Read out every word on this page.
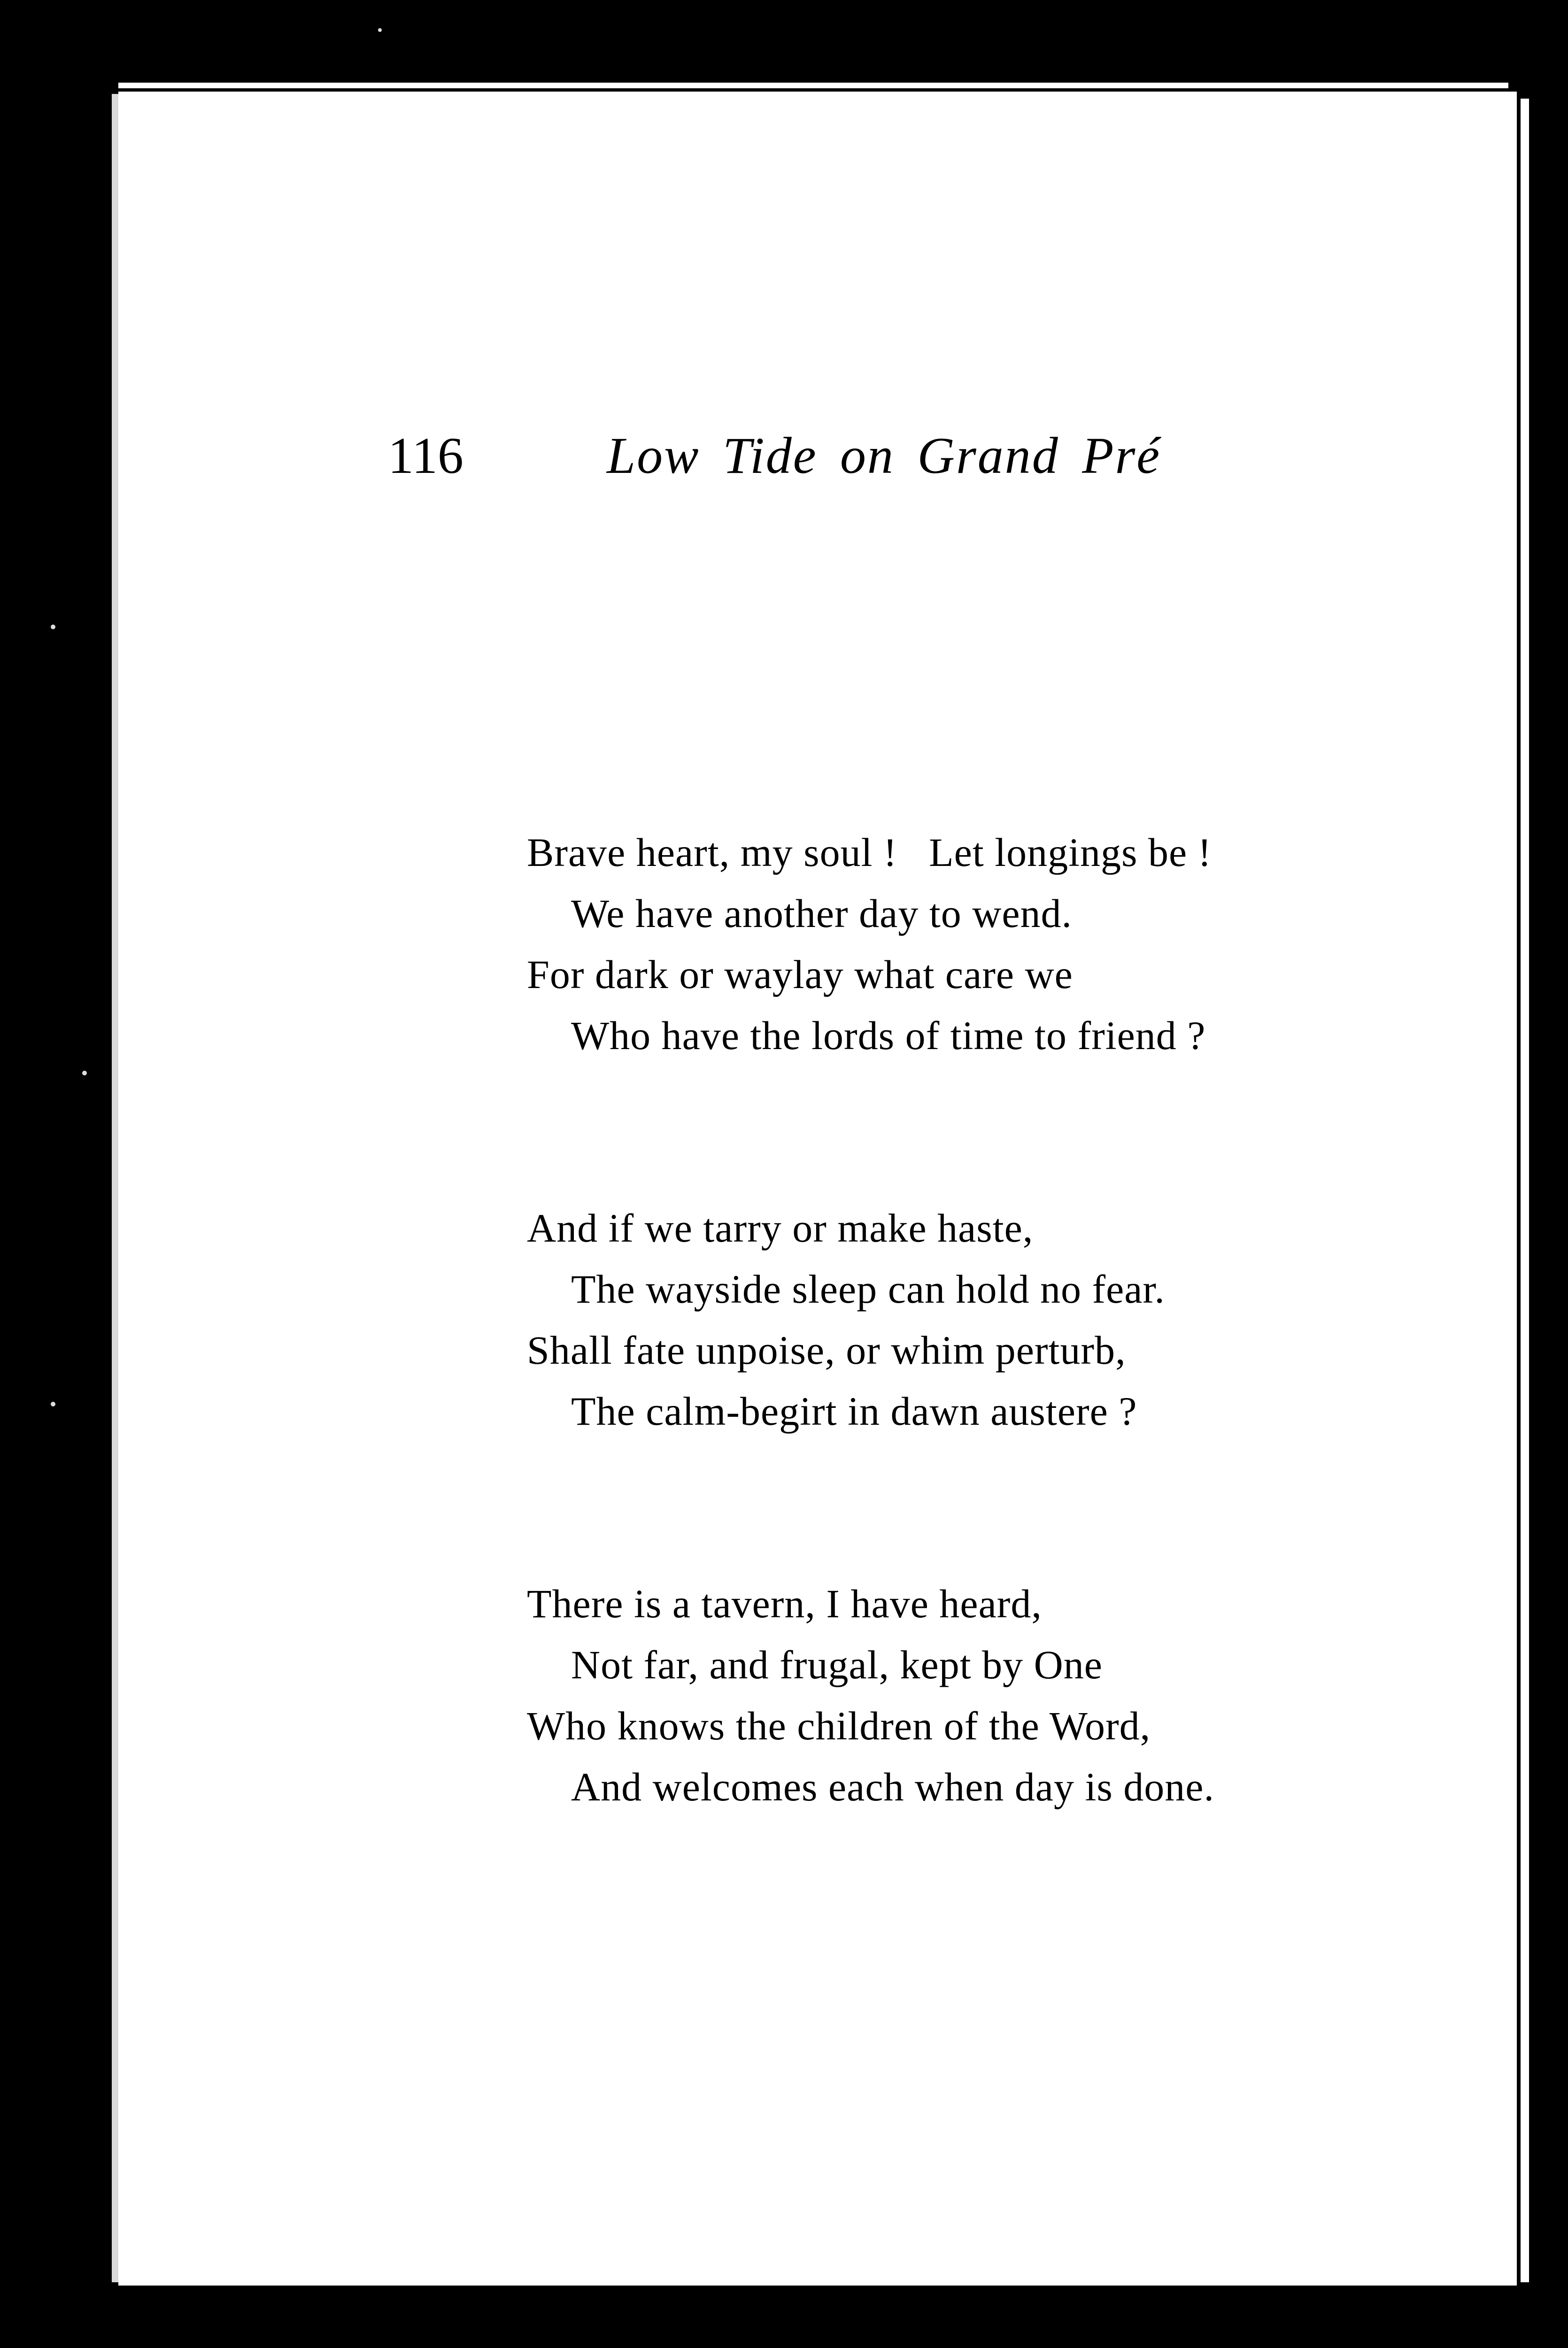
116	Low Tide on Grand Pré
Brave heart, my soul !   Let longings be !
We have another day to wend.
For dark or waylay what care we
Who have the lords of time to friend ?
And if we tarry or make haste,
The wayside sleep can hold no fear.
Shall fate unpoise, or whim perturb,
The calm-begirt in dawn austere ?
There is a tavern, I have heard,
Not far, and frugal, kept by One
Who knows the children of the Word,
And welcomes each when day is done.
